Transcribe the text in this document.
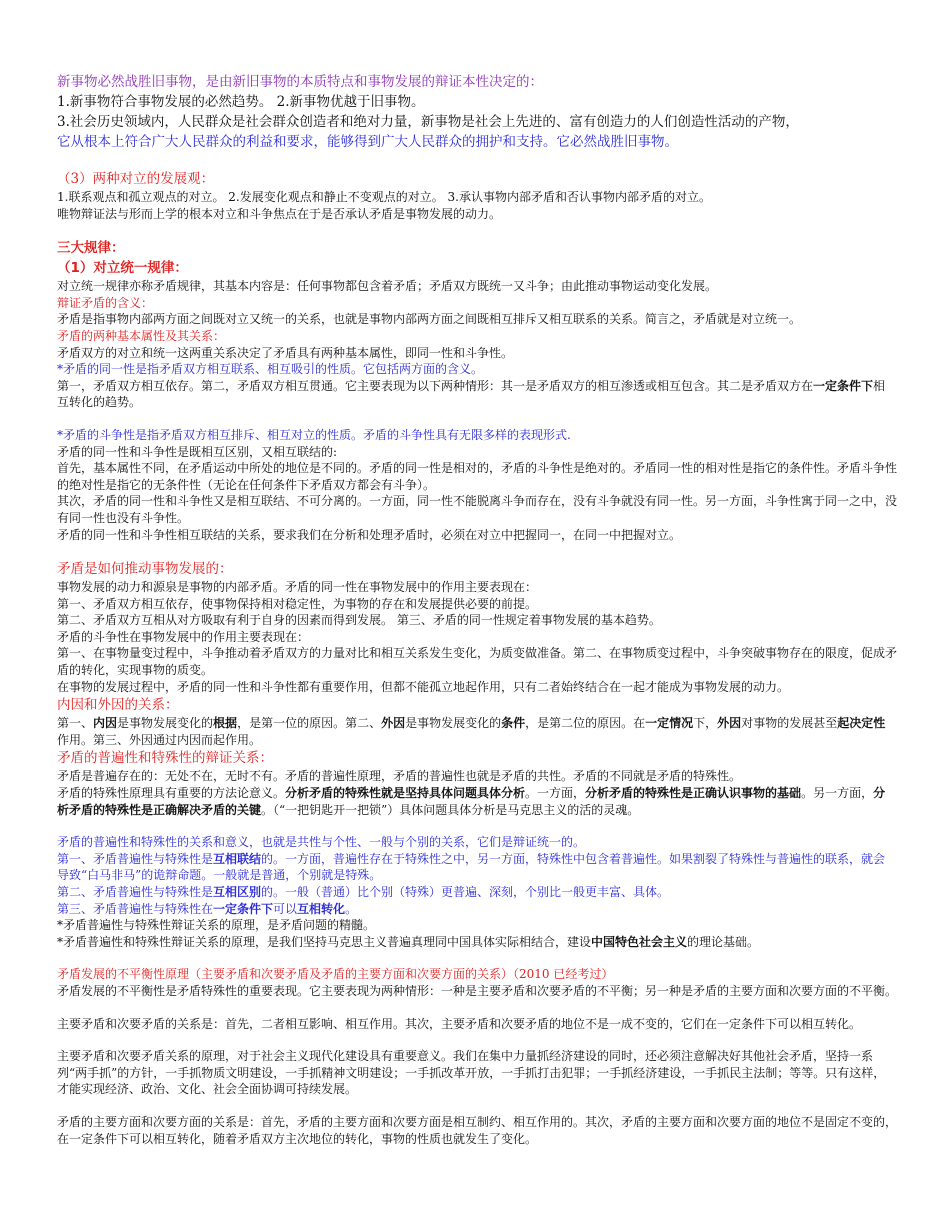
新事物必然战胜旧事物，是由新旧事物的本质特点和事物发展的辩证本性决定的：

1.新事物符合事物发展的必然趋势。 2.新事物优越于旧事物。

3.社会历史领域内，人民群众是社会群众创造者和绝对力量，新事物是社会上先进的、富有创造力的人们创造性活动的产物，

它从根本上符合广大人民群众的利益和要求，能够得到广大人民群众的拥护和支持。它必然战胜旧事物。

（3）两种对立的发展观：

1.联系观点和孤立观点的对立。 2.发展变化观点和静止不变观点的对立。 3.承认事物内部矛盾和否认事物内部矛盾的对立。

唯物辩证法与形而上学的根本对立和斗争焦点在于是否承认矛盾是事物发展的动力。

三大规律：

（1）对立统一规律：

对立统一规律亦称矛盾规律，其基本内容是：任何事物都包含着矛盾；矛盾双方既统一又斗争；由此推动事物运动变化发展。

辩证矛盾的含义：

矛盾是指事物内部两方面之间既对立又统一的关系，也就是事物内部两方面之间既相互排斥又相互联系的关系。简言之，矛盾就是对立统一。

矛盾的两种基本属性及其关系：

矛盾双方的对立和统一这两重关系决定了矛盾具有两种基本属性，即同一性和斗争性。

*矛盾的同一性是指矛盾双方相互联系、相互吸引的性质。它包括两方面的含义。

第一，矛盾双方相互依存。第二，矛盾双方相互贯通。它主要表现为以下两种情形：其一是矛盾双方的相互渗透或相互包含。其二是矛盾双方在一定条件下相互转化的趋势。

*矛盾的斗争性是指矛盾双方相互排斥、相互对立的性质。矛盾的斗争性具有无限多样的表现形式.

矛盾的同一性和斗争性是既相互区别，又相互联结的:

首先，基本属性不同，在矛盾运动中所处的地位是不同的。矛盾的同一性是相对的，矛盾的斗争性是绝对的。矛盾同一性的相对性是指它的条件性。矛盾斗争性的绝对性是指它的无条件性（无论在任何条件下矛盾双方都会有斗争）。

其次，矛盾的同一性和斗争性又是相互联结、不可分离的。一方面，同一性不能脱离斗争而存在，没有斗争就没有同一性。另一方面，斗争性寓于同一之中，没有同一性也没有斗争性。

矛盾的同一性和斗争性相互联结的关系，要求我们在分析和处理矛盾时，必须在对立中把握同一，在同一中把握对立。

矛盾是如何推动事物发展的：

事物发展的动力和源泉是事物的内部矛盾。矛盾的同一性在事物发展中的作用主要表现在：

第一、矛盾双方相互依存，使事物保持相对稳定性，为事物的存在和发展提供必要的前提。

第二、矛盾双方互相从对方吸取有利于自身的因素而得到发展。 第三、矛盾的同一性规定着事物发展的基本趋势。

矛盾的斗争性在事物发展中的作用主要表现在：

第一、在事物量变过程中，斗争推动着矛盾双方的力量对比和相互关系发生变化，为质变做准备。第二、在事物质变过程中，斗争突破事物存在的限度，促成矛盾的转化，实现事物的质变。

在事物的发展过程中，矛盾的同一性和斗争性都有重要作用，但都不能孤立地起作用，只有二者始终结合在一起才能成为事物发展的动力。

内因和外因的关系：

第一、内因是事物发展变化的根据，是第一位的原因。第二、外因是事物发展变化的条件，是第二位的原因。在一定情况下，外因对事物的发展甚至起决定性作用。第三、外因通过内因而起作用。

矛盾的普遍性和特殊性的辩证关系：

矛盾是普遍存在的：无处不在，无时不有。矛盾的普遍性原理，矛盾的普遍性也就是矛盾的共性。矛盾的不同就是矛盾的特殊性。

矛盾的特殊性原理具有重要的方法论意义。分析矛盾的特殊性就是坚持具体问题具体分析。一方面，分析矛盾的特殊性是正确认识事物的基础。另一方面，分析矛盾的特殊性是正确解决矛盾的关键。（“一把钥匙开一把锁”）具体问题具体分析是马克思主义的活的灵魂。

矛盾的普遍性和特殊性的关系和意义，也就是共性与个性、一般与个别的关系，它们是辩证统一的。

第一、矛盾普遍性与特殊性是互相联结的。一方面，普遍性存在于特殊性之中，另一方面，特殊性中包含着普遍性。如果割裂了特殊性与普遍性的联系，就会导致“白马非马”的诡辩命题。一般就是普通，个别就是特殊。

第二、矛盾普遍性与特殊性是互相区别的。一般（普通）比个别（特殊）更普遍、深刻，个别比一般更丰富、具体。

第三、矛盾普遍性与特殊性在一定条件下可以互相转化。

*矛盾普遍性与特殊性辩证关系的原理，是矛盾问题的精髓。

*矛盾普遍性和特殊性辩证关系的原理，是我们坚持马克思主义普遍真理同中国具体实际相结合，建设中国特色社会主义的理论基础。

矛盾发展的不平衡性原理（主要矛盾和次要矛盾及矛盾的主要方面和次要方面的关系）（2010 已经考过）

矛盾发展的不平衡性是矛盾特殊性的重要表现。它主要表现为两种情形：一种是主要矛盾和次要矛盾的不平衡；另一种是矛盾的主要方面和次要方面的不平衡。

主要矛盾和次要矛盾的关系是：首先，二者相互影响、相互作用。其次，主要矛盾和次要矛盾的地位不是一成不变的，它们在一定条件下可以相互转化。

主要矛盾和次要矛盾关系的原理，对于社会主义现代化建设具有重要意义。我们在集中力量抓经济建设的同时，还必须注意解决好其他社会矛盾，坚持一系列“两手抓”的方针，一手抓物质文明建设，一手抓精神文明建设；一手抓改革开放，一手抓打击犯罪；一手抓经济建设，一手抓民主法制；等等。只有这样，才能实现经济、政治、文化、社会全面协调可持续发展。

矛盾的主要方面和次要方面的关系是：首先，矛盾的主要方面和次要方面是相互制约、相互作用的。其次，矛盾的主要方面和次要方面的地位不是固定不变的，在一定条件下可以相互转化，随着矛盾双方主次地位的转化，事物的性质也就发生了变化。
